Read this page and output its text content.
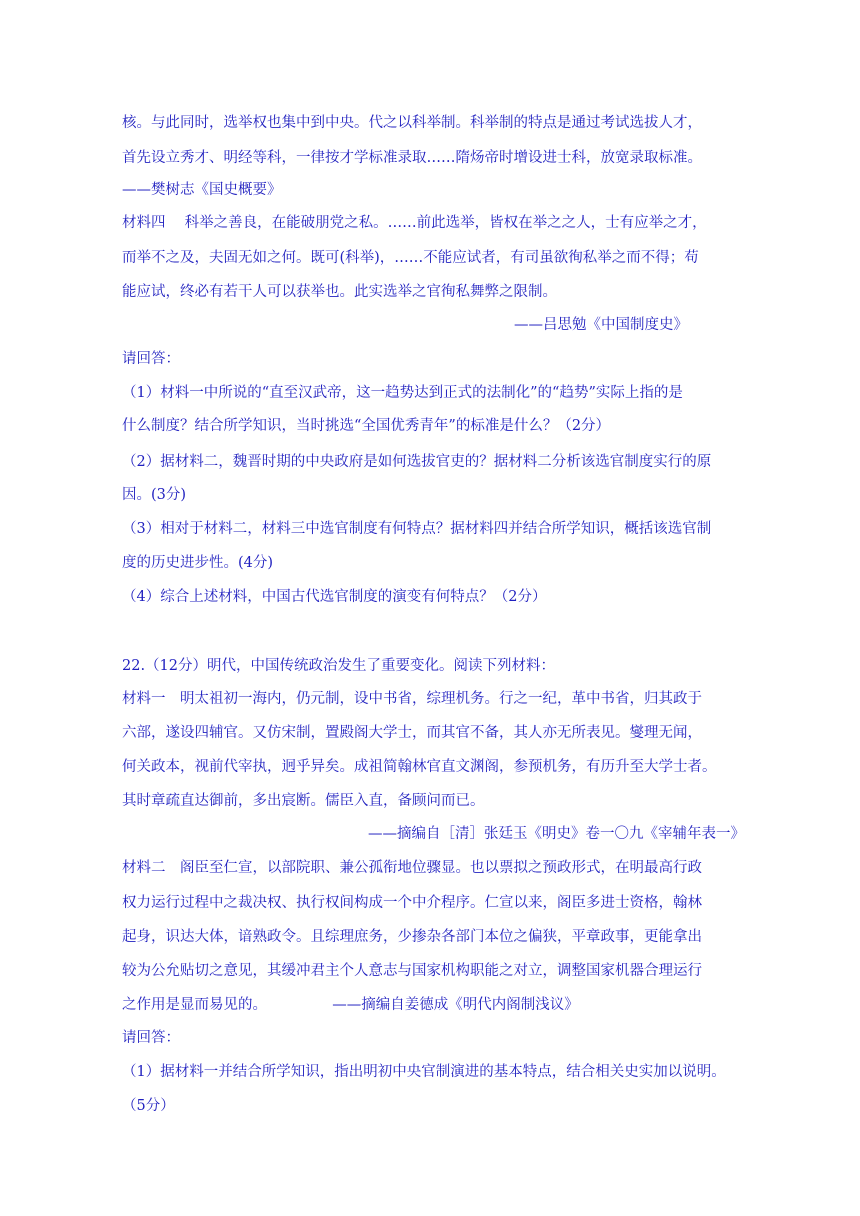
核。与此同时，选举权也集中到中央。代之以科举制。科举制的特点是通过考试选拔人才，
首先设立秀才、明经等科，一律按才学标准录取……隋炀帝时增设进士科，放宽录取标准。
——樊树志《国史概要》
材料四　 科举之善良，在能破朋党之私。……前此选举，皆权在举之之人，士有应举之才，
而举不之及，夫固无如之何。既可(科举)，……不能应试者，有司虽欲徇私举之而不得；苟
能应试，终必有若干人可以获举也。此实选举之官徇私舞弊之限制。
——吕思勉《中国制度史》
请回答：
（1）材料一中所说的“直至汉武帝，这一趋势达到正式的法制化”的“趋势”实际上指的是
什么制度？结合所学知识，当时挑选“全国优秀青年”的标准是什么？（2分）
（2）据材料二，魏晋时期的中央政府是如何选拔官吏的？据材料二分析该选官制度实行的原
因。(3分)
（3）相对于材料二，材料三中选官制度有何特点？据材料四并结合所学知识，概括该选官制
度的历史进步性。(4分)
（4）综合上述材料，中国古代选官制度的演变有何特点？（2分）
22.（12分）明代，中国传统政治发生了重要变化。阅读下列材料：
材料一　明太祖初一海内，仍元制，设中书省，综理机务。行之一纪，革中书省，归其政于
六部，遂设四辅官。又仿宋制，置殿阁大学士，而其官不备，其人亦无所表见。燮理无闻，
何关政本，视前代宰执，迥乎异矣。成祖简翰林官直文渊阁，参预机务，有历升至大学士者。
其时章疏直达御前，多出宸断。儒臣入直，备顾问而已。
——摘编自［清］张廷玉《明史》卷一〇九《宰辅年表一》
材料二　阁臣至仁宣，以部院职、兼公孤衔地位骤显。也以票拟之预政形式，在明最高行政
权力运行过程中之裁决权、执行权间构成一个中介程序。仁宣以来，阁臣多进士资格，翰林
起身，识达大体，谙熟政令。且综理庶务，少掺杂各部门本位之偏狭，平章政事，更能拿出
较为公允贴切之意见，其缓冲君主个人意志与国家机构职能之对立，调整国家机器合理运行
之作用是显而易见的。　　　　　——摘编自姜德成《明代内阁制浅议》
请回答：
（1）据材料一并结合所学知识，指出明初中央官制演进的基本特点，结合相关史实加以说明。
（5分）
